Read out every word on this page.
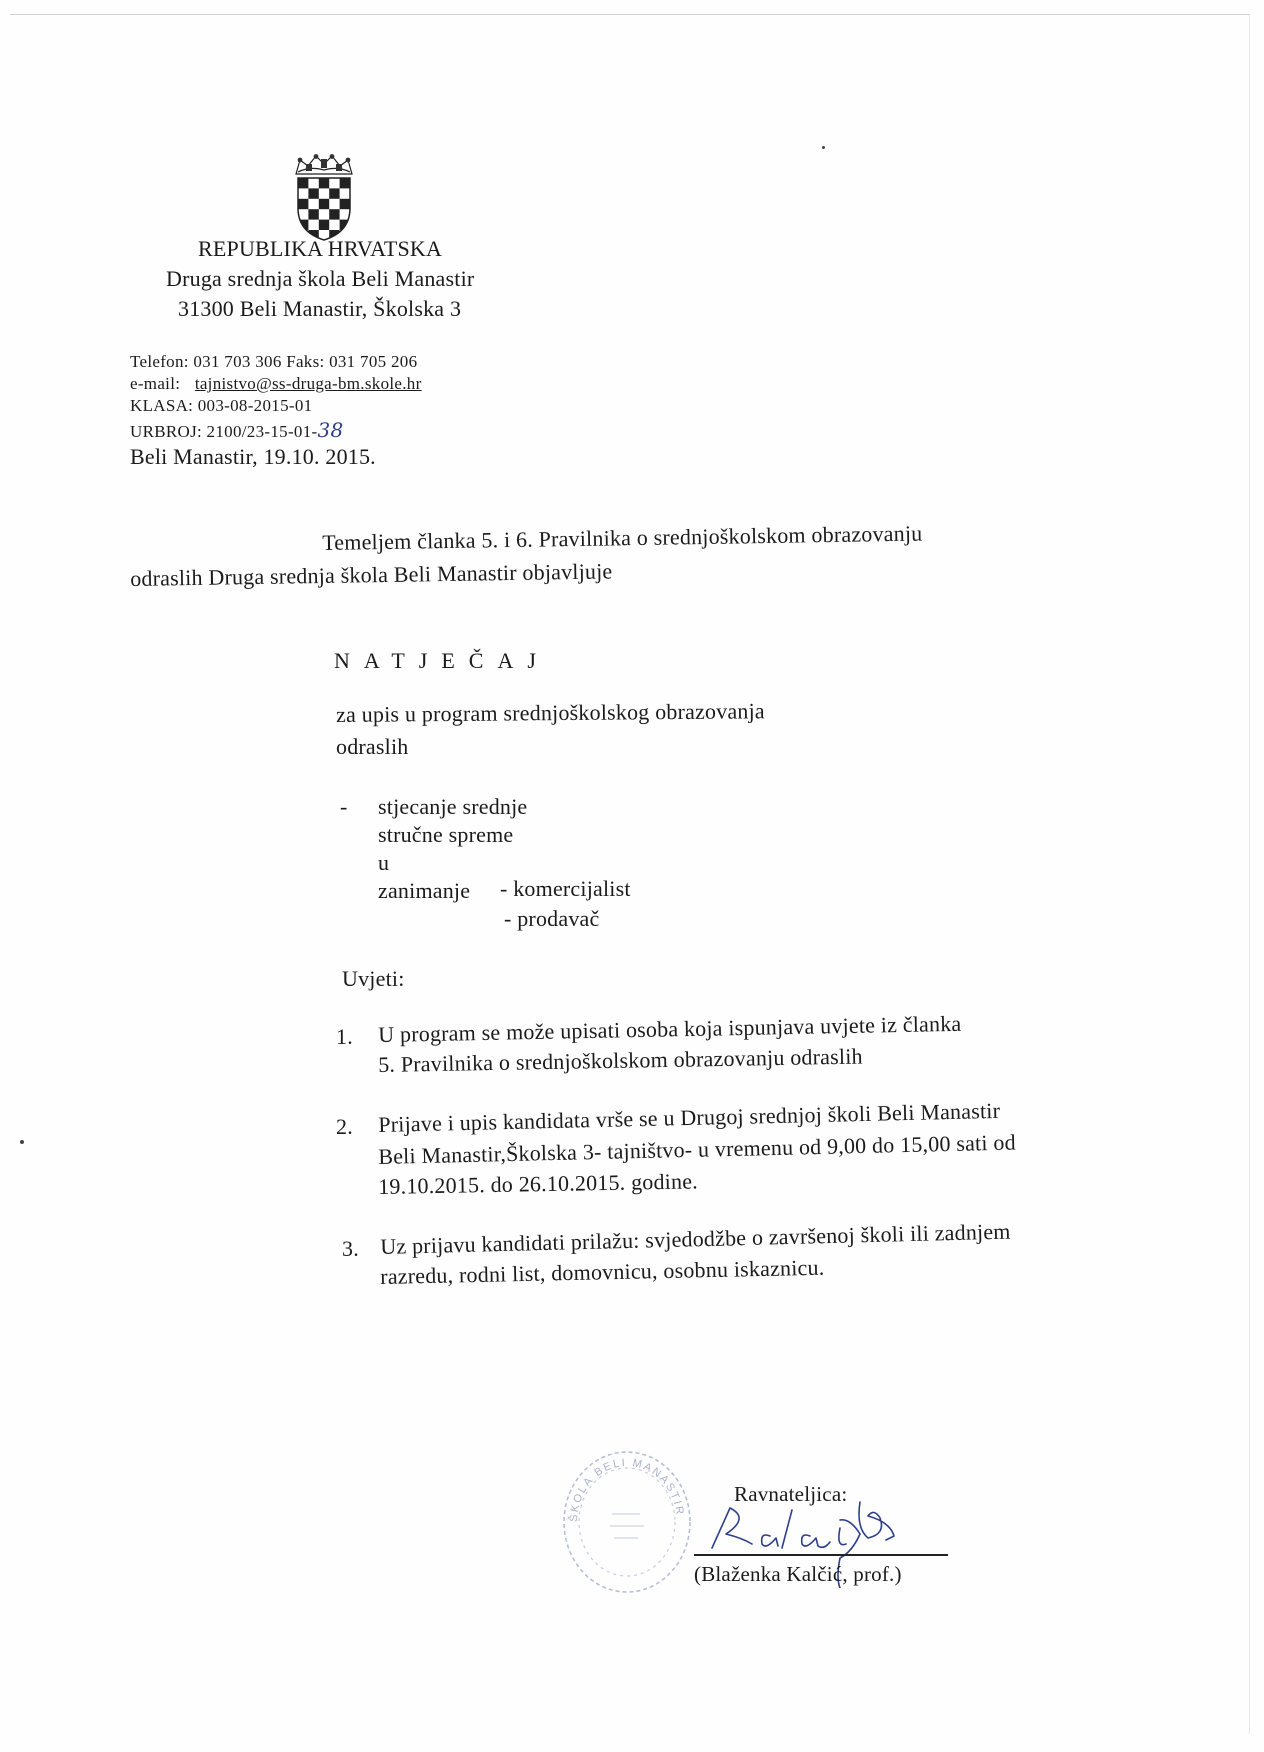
REPUBLIKA HRVATSKA
Druga srednja škola Beli Manastir
31300 Beli Manastir, Školska 3
Telefon: 031 703 306 Faks: 031 705 206
e-mail: tajnistvo@ss-druga-bm.skole.hr
KLASA: 003-08-2015-01
URBROJ: 2100/23-15-01-38
Beli Manastir, 19.10. 2015.
Temeljem članka 5. i 6. Pravilnika o srednjoškolskom obrazovanju
odraslih Druga srednja škola Beli Manastir objavljuje
NATJEČAJ
za upis u program srednjoškolskog obrazovanja
odraslih
- stjecanje srednje
stručne spreme
u
zanimanje - komercijalist
- prodavač
Uvjeti:
1. U program se može upisati osoba koja ispunjava uvjete iz članka
5. Pravilnika o srednjoškolskom obrazovanju odraslih
2. Prijave i upis kandidata vrše se u Drugoj srednjoj školi Beli Manastir
Beli Manastir,Školska 3- tajništvo- u vremenu od 9,00 do 15,00 sati od
19.10.2015. do 26.10.2015. godine.
3. Uz prijavu kandidati prilažu: svjedodžbe o završenoj školi ili zadnjem
razredu, rodni list, domovnicu, osobnu iskaznicu.
ŠKOLA BELI MANASTIR
Ravnateljica:
(Blaženka Kalčić, prof.)
